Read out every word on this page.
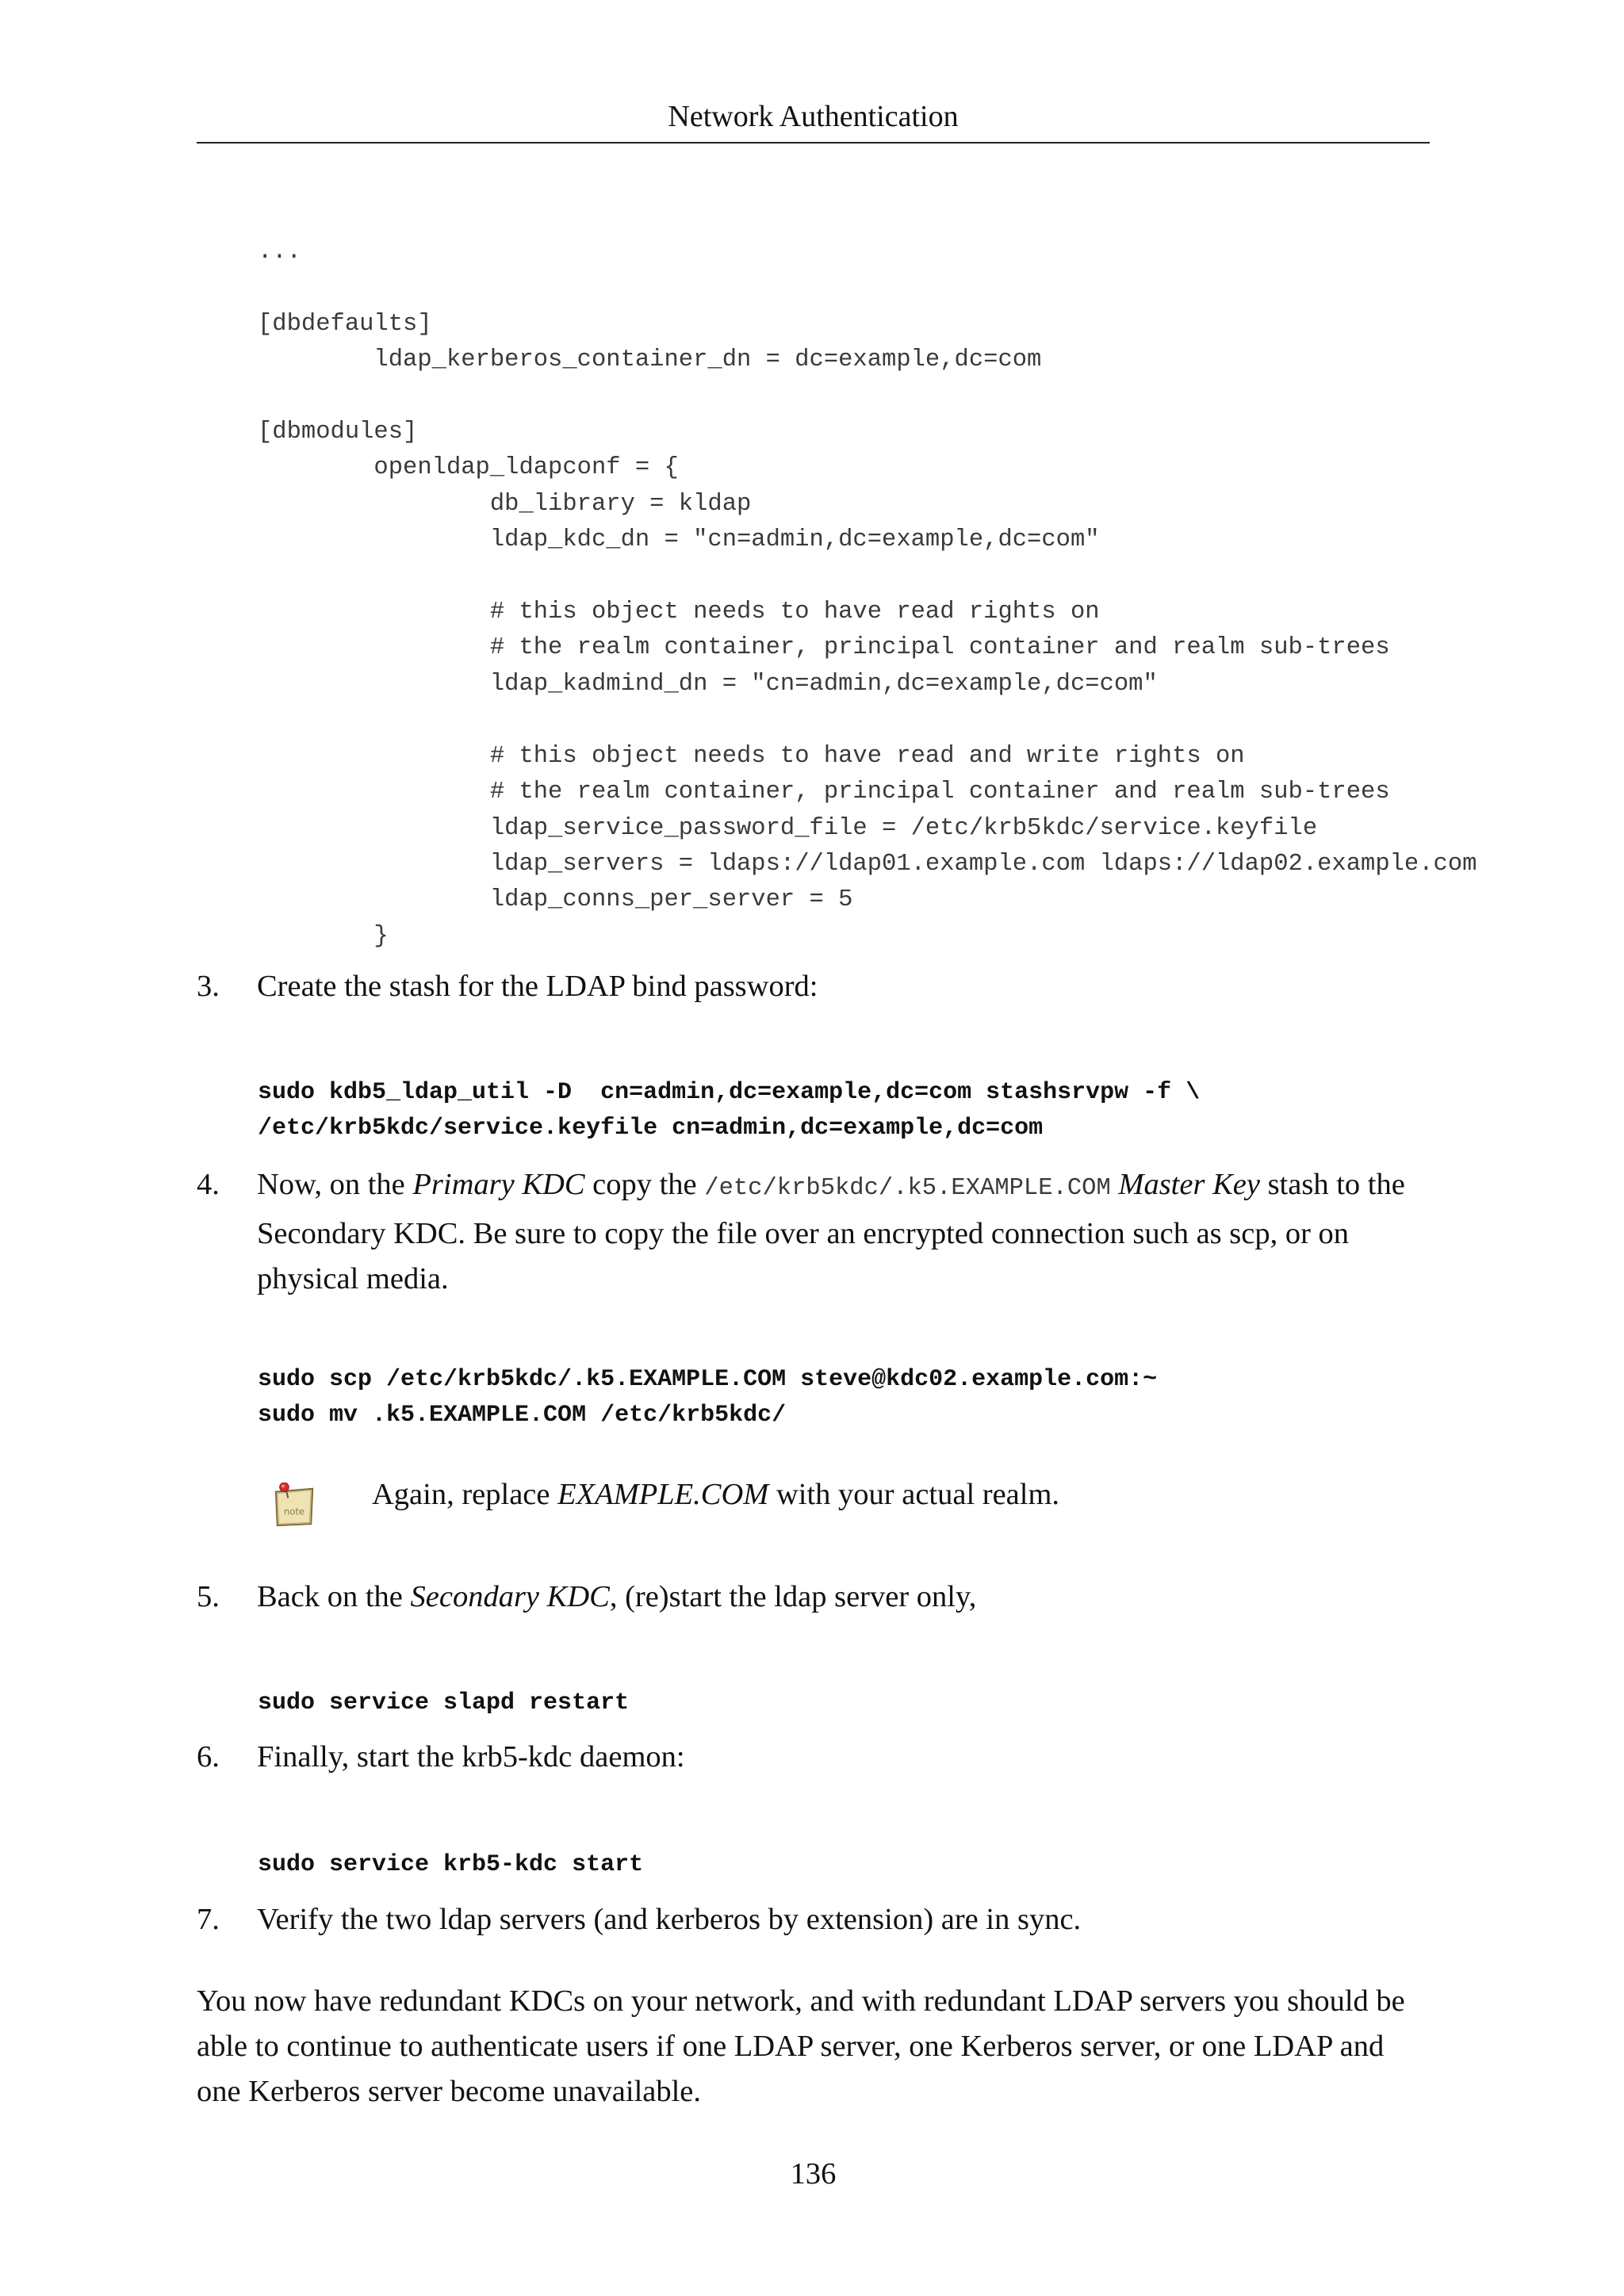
Network Authentication
...

[dbdefaults]
ldap_kerberos_container_dn = dc=example,dc=com

[dbmodules]
openldap_ldapconf = {
db_library = kldap
ldap_kdc_dn = "cn=admin,dc=example,dc=com"

# this object needs to have read rights on
# the realm container, principal container and realm sub-trees
ldap_kadmind_dn = "cn=admin,dc=example,dc=com"

# this object needs to have read and write rights on
# the realm container, principal container and realm sub-trees
ldap_service_password_file = /etc/krb5kdc/service.keyfile
ldap_servers = ldaps://ldap01.example.com ldaps://ldap02.example.com
ldap_conns_per_server = 5
}
3. Create the stash for the LDAP bind password:
sudo kdb5_ldap_util -D  cn=admin,dc=example,dc=com stashsrvpw -f \
/etc/krb5kdc/service.keyfile cn=admin,dc=example,dc=com
4. Now, on the Primary KDC copy the /etc/krb5kdc/.k5.EXAMPLE.COM Master Key stash to the Secondary KDC. Be sure to copy the file over an encrypted connection such as scp, or on physical media.
sudo scp /etc/krb5kdc/.k5.EXAMPLE.COM steve@kdc02.example.com:~
sudo mv .k5.EXAMPLE.COM /etc/krb5kdc/
note
Again, replace EXAMPLE.COM with your actual realm.
5. Back on the Secondary KDC, (re)start the ldap server only,
sudo service slapd restart
6. Finally, start the krb5-kdc daemon:
sudo service krb5-kdc start
7. Verify the two ldap servers (and kerberos by extension) are in sync.

You now have redundant KDCs on your network, and with redundant LDAP servers you should be able to continue to authenticate users if one LDAP server, one Kerberos server, or one LDAP and one Kerberos server become unavailable.

136
